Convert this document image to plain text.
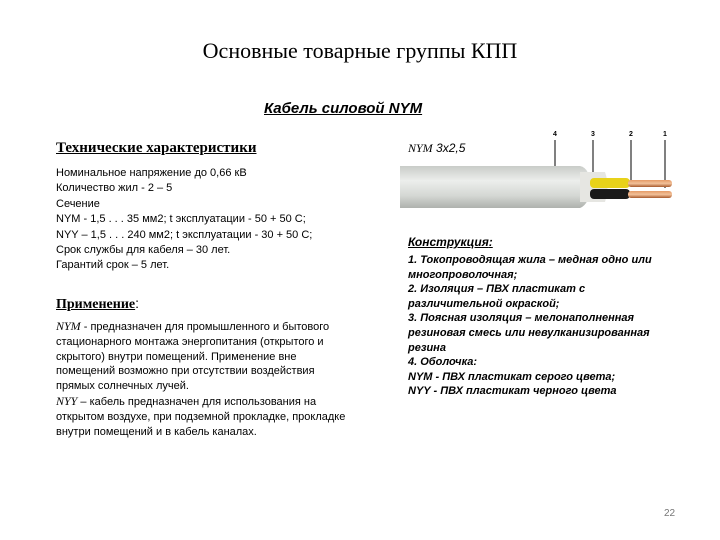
Основные товарные группы КПП
Кабель силовой NYM
Технические характеристики
Номинальное напряжение до 0,66 кВ
Количество жил - 2 – 5
Сечение
NYM - 1,5 . . . 35 мм2; t эксплуатации - 50 + 50 С;
NYY – 1,5 . . . 240 мм2; t эксплуатации - 30 + 50 С;
Срок службы для кабеля – 30 лет.
Гарантий срок – 5 лет.
Применение:
NYM - предназначен для промышленного и бытового стационарного монтажа энергопитания (открытого и скрытого) внутри помещений. Применение вне помещений возможно при отсутствии воздействия прямых солнечных лучей.
NYY – кабель предназначен для использования на открытом воздухе, при подземной прокладке, прокладке внутри помещений и в кабель каналах.
NYM 3х2,5
4	3	2	1
Конструкция:
1. Токопроводящая жила – медная одно или
многопроволочная;
2. Изоляция – ПВХ пластикат с
различительной окраской;
3. Поясная изоляция – мелонаполненная
резиновая смесь или невулканизированная
резина
4. Оболочка:
NYM - ПВХ пластикат серого цвета;
NYY - ПВХ пластикат черного цвета
22
